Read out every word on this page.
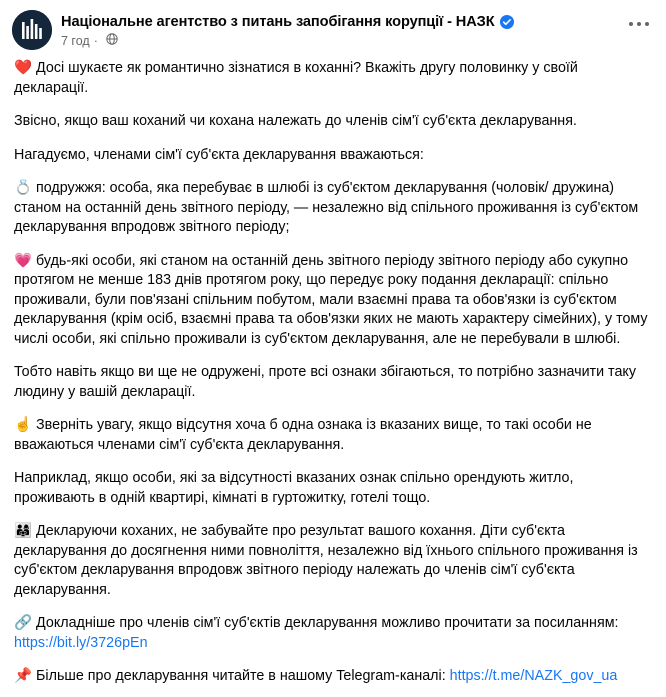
Національне агентство з питань запобігання корупції - НАЗК
7 год ·

❤️ Досі шукаєте як романтично зізнатися в коханні? Вкажіть другу половинку у своїй декларації.

Звісно, якщо ваш коханий чи кохана належать до членів сім'ї суб'єкта декларування.

Нагадуємо, членами сім'ї суб'єкта декларування вважаються:

💍 подружжя: особа, яка перебуває в шлюбі із суб'єктом декларування (чоловік/ дружина) станом на останній день звітного періоду, — незалежно від спільного проживання із суб'єктом декларування впродовж звітного періоду;

💗 будь-які особи, які станом на останній день звітного періоду звітного періоду або сукупно протягом не менше 183 днів протягом року, що передує року подання декларації: спільно проживали, були пов'язані спільним побутом, мали взаємні права та обов'язки із суб'єктом декларування (крім осіб, взаємні права та обов'язки яких не мають характеру сімейних), у тому числі особи, які спільно проживали із суб'єктом декларування, але не перебували в шлюбі.

Тобто навіть якщо ви ще не одружені, проте всі ознаки збігаються, то потрібно зазначити таку людину у вашій декларації.

☝️ Зверніть увагу, якщо відсутня хоча б одна ознака із вказаних вище, то такі особи не вважаються членами сім'ї суб'єкта декларування.

Наприклад, якщо особи, які за відсутності вказаних ознак спільно орендують житло, проживають в одній квартирі, кімнаті в гуртожитку, готелі тощо.

👨‍👩‍👧 Декларуючи коханих, не забувайте про результат вашого кохання. Діти суб'єкта декларування до досягнення ними повноліття, незалежно від їхнього спільного проживання із суб'єктом декларування впродовж звітного періоду належать до членів сім'ї суб'єкта декларування.

🔗 Докладніше про членів сім'ї суб'єктів декларування можливо прочитати за посиланням:
https://bit.ly/3726pEn

📌 Більше про декларування читайте в нашому Telegram-каналі: https://t.me/NAZK_gov_ua
